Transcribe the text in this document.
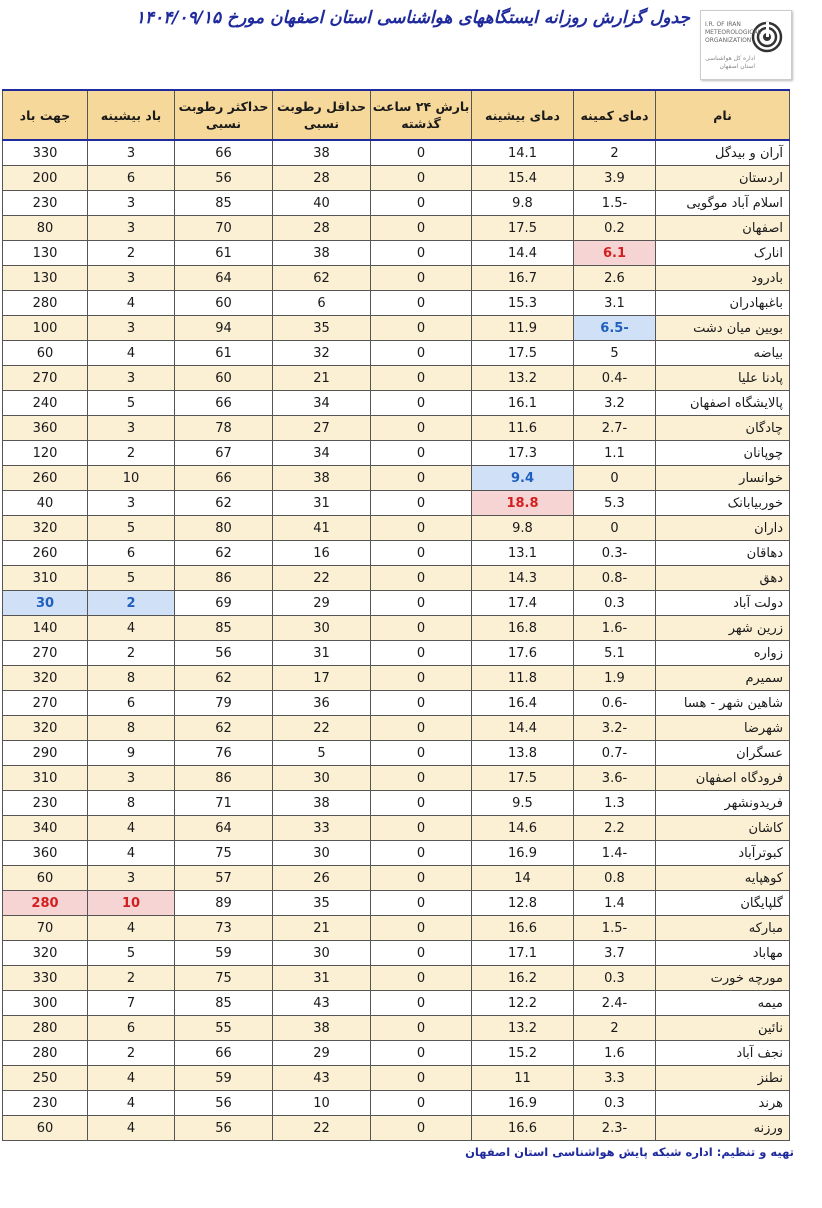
جدول گزارش روزانه ایستگاههای هواشناسی استان اصفهان مورخ ۱۴۰۴/۰۹/۱۵	I.R. OF IRAN METEOROLOGICAL ORGANIZATION
اداره کل هواشناسی استان اصفهان
نام	دمای کمینه	دمای بیشینه	بارش ۲۴ ساعت گذشته	حداقل رطوبت نسبی	حداکثر رطوبت نسبی	باد بیشینه	جهت باد
آران و بیدگل	2	14.1	0	38	66	3	330
اردستان	3.9	15.4	0	28	56	6	200
اسلام آباد موگویی	-1.5	9.8	0	40	85	3	230
اصفهان	0.2	17.5	0	28	70	3	80
انارک	6.1	14.4	0	38	61	2	130
بادرود	2.6	16.7	0	62	64	3	130
باغبهادران	3.1	15.3	0	6	60	4	280
بویین میان دشت	-6.5	11.9	0	35	94	3	100
بیاضه	5	17.5	0	32	61	4	60
پادنا علیا	-0.4	13.2	0	21	60	3	270
پالایشگاه اصفهان	3.2	16.1	0	34	66	5	240
چادگان	-2.7	11.6	0	27	78	3	360
چوپانان	1.1	17.3	0	34	67	2	120
خوانسار	0	9.4	0	38	66	10	260
خوربیابانک	5.3	18.8	0	31	62	3	40
داران	0	9.8	0	41	80	5	320
دهاقان	-0.3	13.1	0	16	62	6	260
دهق	-0.8	14.3	0	22	86	5	310
دولت آباد	0.3	17.4	0	29	69	2	30
زرین شهر	-1.6	16.8	0	30	85	4	140
زواره	5.1	17.6	0	31	56	2	270
سمیرم	1.9	11.8	0	17	62	8	320
شاهین شهر - هسا	-0.6	16.4	0	36	79	6	270
شهرضا	-3.2	14.4	0	22	62	8	320
عسگران	-0.7	13.8	0	5	76	9	290
فرودگاه اصفهان	-3.6	17.5	0	30	86	3	310
فریدونشهر	1.3	9.5	0	38	71	8	230
کاشان	2.2	14.6	0	33	64	4	340
کبوترآباد	-1.4	16.9	0	30	75	4	360
کوهپایه	0.8	14	0	26	57	3	60
گلپایگان	1.4	12.8	0	35	89	10	280
مبارکه	-1.5	16.6	0	21	73	4	70
مهاباد	3.7	17.1	0	30	59	5	320
مورچه خورت	0.3	16.2	0	31	75	2	330
میمه	-2.4	12.2	0	43	85	7	300
نائین	2	13.2	0	38	55	6	280
نجف آباد	1.6	15.2	0	29	66	2	280
نطنز	3.3	11	0	43	59	4	250
هرند	0.3	16.9	0	10	56	4	230
ورزنه	-2.3	16.6	0	22	56	4	60
تهیه و تنظیم: اداره شبکه پایش هواشناسی استان اصفهان
